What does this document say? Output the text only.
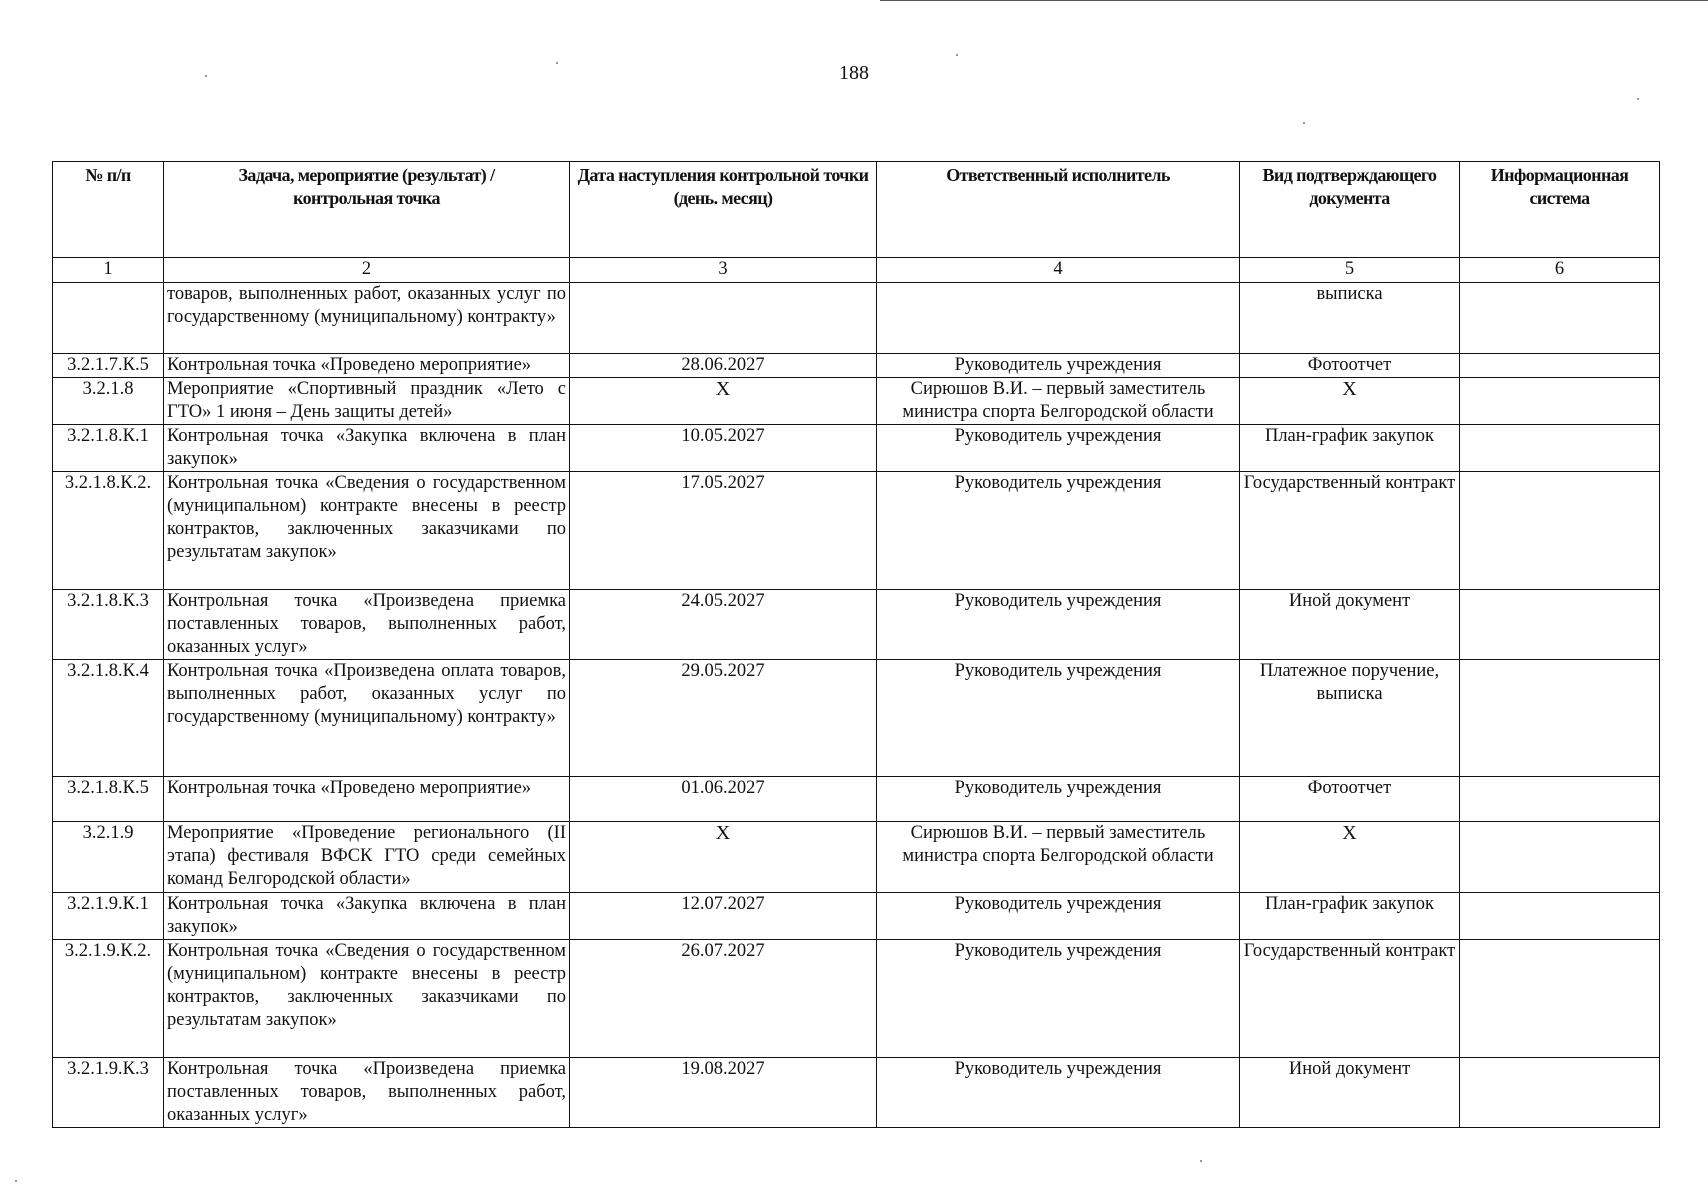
188
№ п/п	Задача, мероприятие (результат) / контрольная точка	Дата наступления контрольной точки (день. месяц)	Ответственный исполнитель	Вид подтверждающего документа	Информационная система
1	2	3	4	5	6
	товаров, выполненных работ, оказанных услуг по государственному (муниципальному) контракту»			выписка	
3.2.1.7.К.5	Контрольная точка «Проведено мероприятие»	28.06.2027	Руководитель учреждения	Фотоотчет	
3.2.1.8	Мероприятие «Спортивный праздник «Лето с ГТО» 1 июня – День защиты детей»	X	Сирюшов В.И. – первый заместитель министра спорта Белгородской области	X	
3.2.1.8.К.1	Контрольная точка «Закупка включена в план закупок»	10.05.2027	Руководитель учреждения	План-график закупок	
3.2.1.8.К.2.	Контрольная точка «Сведения о государственном (муниципальном) контракте внесены в реестр контрактов, заключенных заказчиками по результатам закупок»	17.05.2027	Руководитель учреждения	Государственный контракт	
3.2.1.8.К.3	Контрольная точка «Произведена приемка поставленных товаров, выполненных работ, оказанных услуг»	24.05.2027	Руководитель учреждения	Иной документ	
3.2.1.8.К.4	Контрольная точка «Произведена оплата товаров, выполненных работ, оказанных услуг по государственному (муниципальному) контракту»	29.05.2027	Руководитель учреждения	Платежное поручение, выписка	
3.2.1.8.К.5	Контрольная точка «Проведено мероприятие»	01.06.2027	Руководитель учреждения	Фотоотчет	
3.2.1.9	Мероприятие «Проведение регионального (II этапа) фестиваля ВФСК ГТО среди семейных команд Белгородской области»	X	Сирюшов В.И. – первый заместитель министра спорта Белгородской области	X	
3.2.1.9.К.1	Контрольная точка «Закупка включена в план закупок»	12.07.2027	Руководитель учреждения	План-график закупок	
3.2.1.9.К.2.	Контрольная точка «Сведения о государственном (муниципальном) контракте внесены в реестр контрактов, заключенных заказчиками по результатам закупок»	26.07.2027	Руководитель учреждения	Государственный контракт	
3.2.1.9.К.3	Контрольная точка «Произведена приемка поставленных товаров, выполненных работ, оказанных услуг»	19.08.2027	Руководитель учреждения	Иной документ	
